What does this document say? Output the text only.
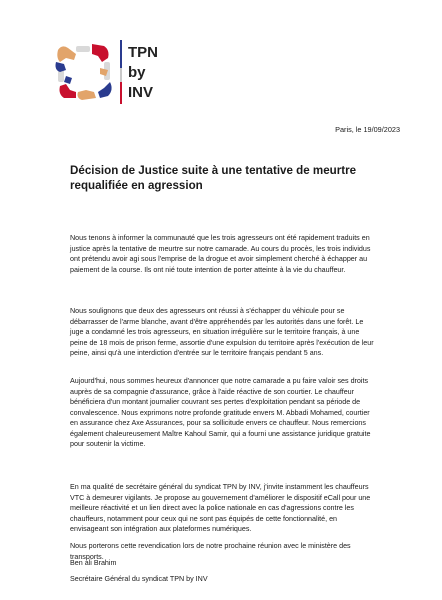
TPN
by
INV
Paris, le 19/09/2023
Décision de Justice suite à une tentative de meurtre requalifiée en agression

Nous tenons à informer la communauté que les trois agresseurs ont été rapidement traduits en justice après la tentative de meurtre sur notre camarade. Au cours du procès, les trois individus ont prétendu avoir agi sous l'emprise de la drogue et avoir simplement cherché à échapper au paiement de la course. Ils ont nié toute intention de porter atteinte à la vie du chauffeur.

Nous soulignons que deux des agresseurs ont réussi à s'échapper du véhicule pour se débarrasser de l'arme blanche, avant d'être appréhendés par les autorités dans une forêt. Le juge a condamné les trois agresseurs, en situation irrégulière sur le territoire français, à une peine de 18 mois de prison ferme, assortie d'une expulsion du territoire après l'exécution de leur peine, ainsi qu'à une interdiction d'entrée sur le territoire français pendant 5 ans.

Aujourd'hui, nous sommes heureux d'annoncer que notre camarade a pu faire valoir ses droits auprès de sa compagnie d'assurance, grâce à l'aide réactive de son courtier. Le chauffeur bénéficiera d'un montant journalier couvrant ses pertes d'exploitation pendant sa période de convalescence. Nous exprimons notre profonde gratitude envers M. Abbadi Mohamed, courtier en assurance chez Axe Assurances, pour sa sollicitude envers ce chauffeur. Nous remercions également chaleureusement Maître Kahoul Samir, qui a fourni une assistance juridique gratuite pour soutenir la victime.

En ma qualité de secrétaire général du syndicat TPN by INV, j'invite instamment les chauffeurs VTC à demeurer vigilants. Je propose au gouvernement d'améliorer le dispositif eCall pour une meilleure réactivité et un lien direct avec la police nationale en cas d'agressions contre les chauffeurs, notamment pour ceux qui ne sont pas équipés de cette fonctionnalité, en envisageant son intégration aux plateformes numériques.

Nous porterons cette revendication lors de notre prochaine réunion avec le ministère des transports.

Ben ali Brahim
Secrétaire Général du syndicat TPN by INV
